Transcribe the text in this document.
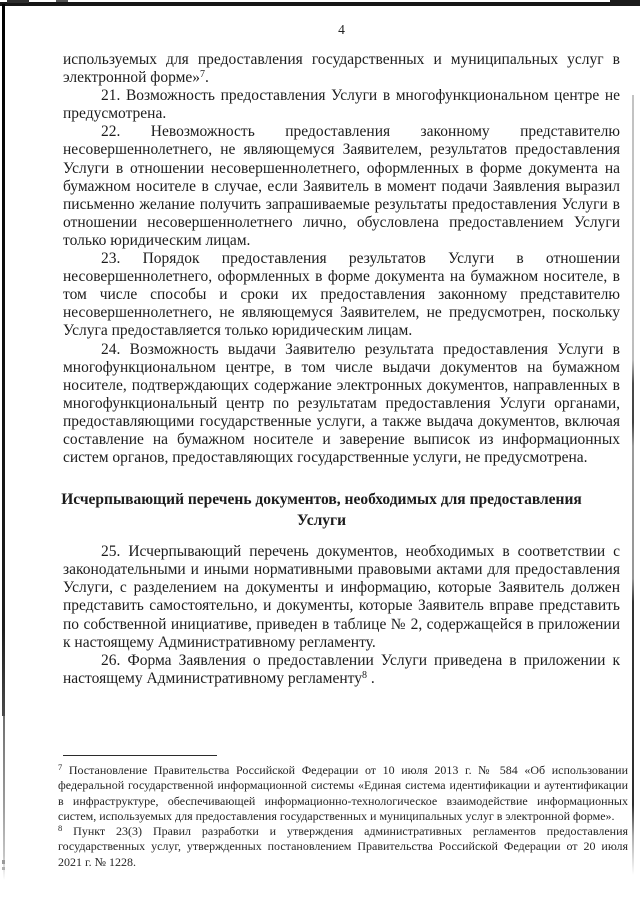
4

используемых для предоставления государственных и муниципальных услуг в электронной форме»$^7$.

21. Возможность предоставления Услуги в многофункциональном центре не предусмотрена.

22. Невозможность предоставления законному представителю несовершеннолетнего, не являющемуся Заявителем, результатов предоставления Услуги в отношении несовершеннолетнего, оформленных в форме документа на бумажном носителе в случае, если Заявитель в момент подачи Заявления выразил письменно желание получить запрашиваемые результаты предоставления Услуги в отношении несовершеннолетнего лично, обусловлена предоставлением Услуги только юридическим лицам.

23. Порядок предоставления результатов Услуги в отношении несовершеннолетнего, оформленных в форме документа на бумажном носителе, в том числе способы и сроки их предоставления законному представителю несовершеннолетнего, не являющемуся Заявителем, не предусмотрен, поскольку Услуга предоставляется только юридическим лицам.

24. Возможность выдачи Заявителю результата предоставления Услуги в многофункциональном центре, в том числе выдачи документов на бумажном носителе, подтверждающих содержание электронных документов, направленных в многофункциональный центр по результатам предоставления Услуги органами, предоставляющими государственные услуги, а также выдача документов, включая составление на бумажном носителе и заверение выписок из информационных систем органов, предоставляющих государственные услуги, не предусмотрена.

Исчерпывающий перечень документов, необходимых для предоставления Услуги

25. Исчерпывающий перечень документов, необходимых в соответствии с законодательными и иными нормативными правовыми актами для предоставления Услуги, с разделением на документы и информацию, которые Заявитель должен представить самостоятельно, и документы, которые Заявитель вправе представить по собственной инициативе, приведен в таблице № 2, содержащейся в приложении к настоящему Административному регламенту.

26. Форма Заявления о предоставлении Услуги приведена в приложении к настоящему Административному регламенту$^8$ .

$^7$ Постановление Правительства Российской Федерации от 10 июля 2013 г. № 584 «Об использовании федеральной государственной информационной системы «Единая система идентификации и аутентификации в инфраструктуре, обеспечивающей информационно-технологическое взаимодействие информационных систем, используемых для предоставления государственных и муниципальных услуг в электронной форме».

$^8$ Пункт 23(3) Правил разработки и утверждения административных регламентов предоставления государственных услуг, утвержденных постановлением Правительства Российской Федерации от 20 июля 2021 г. № 1228.
